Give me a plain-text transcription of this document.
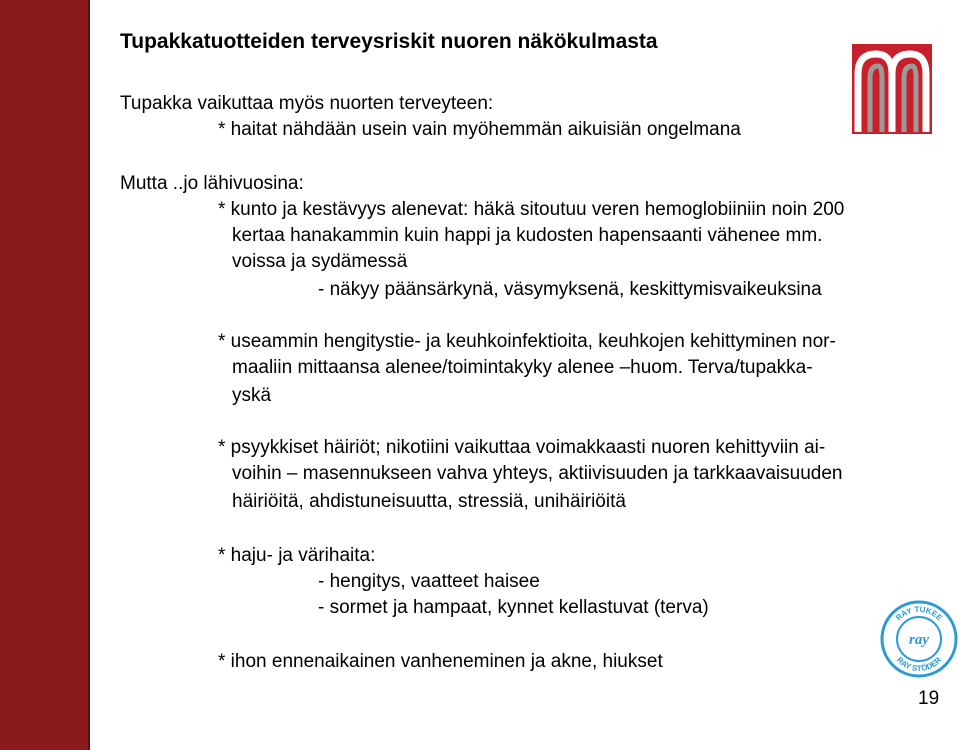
Tupakkatuotteiden terveysriskit nuoren näkökulmasta
Tupakka vaikuttaa myös nuorten terveyteen:
* haitat nähdään usein vain myöhemmän aikuisiän ongelmana
Mutta ..jo lähivuosina:
* kunto ja kestävyys alenevat: häkä sitoutuu veren hemoglobiiniin noin 200
kertaa hanakammin kuin happi ja kudosten hapensaanti vähenee mm.
voissa ja sydämessä
- näkyy päänsärkynä, väsymyksenä, keskittymisvaikeuksina
* useammin hengitystie- ja keuhkoinfektioita, keuhkojen kehittyminen nor-
maaliin mittaansa alenee/toimintakyky alenee –huom. Terva/tupakka-
yskä
* psyykkiset häiriöt; nikotiini vaikuttaa voimakkaasti nuoren kehittyviin ai-
voihin – masennukseen vahva yhteys, aktiivisuuden ja tarkkaavaisuuden
häiriöitä, ahdistuneisuutta, stressiä, unihäiriöitä
* haju- ja värihaita:
- hengitys, vaatteet haisee
- sormet ja hampaat, kynnet kellastuvat (terva)
* ihon ennenaikainen vanheneminen ja akne, hiukset
RAY TUKEE
RAY STÖDER
ray
19
